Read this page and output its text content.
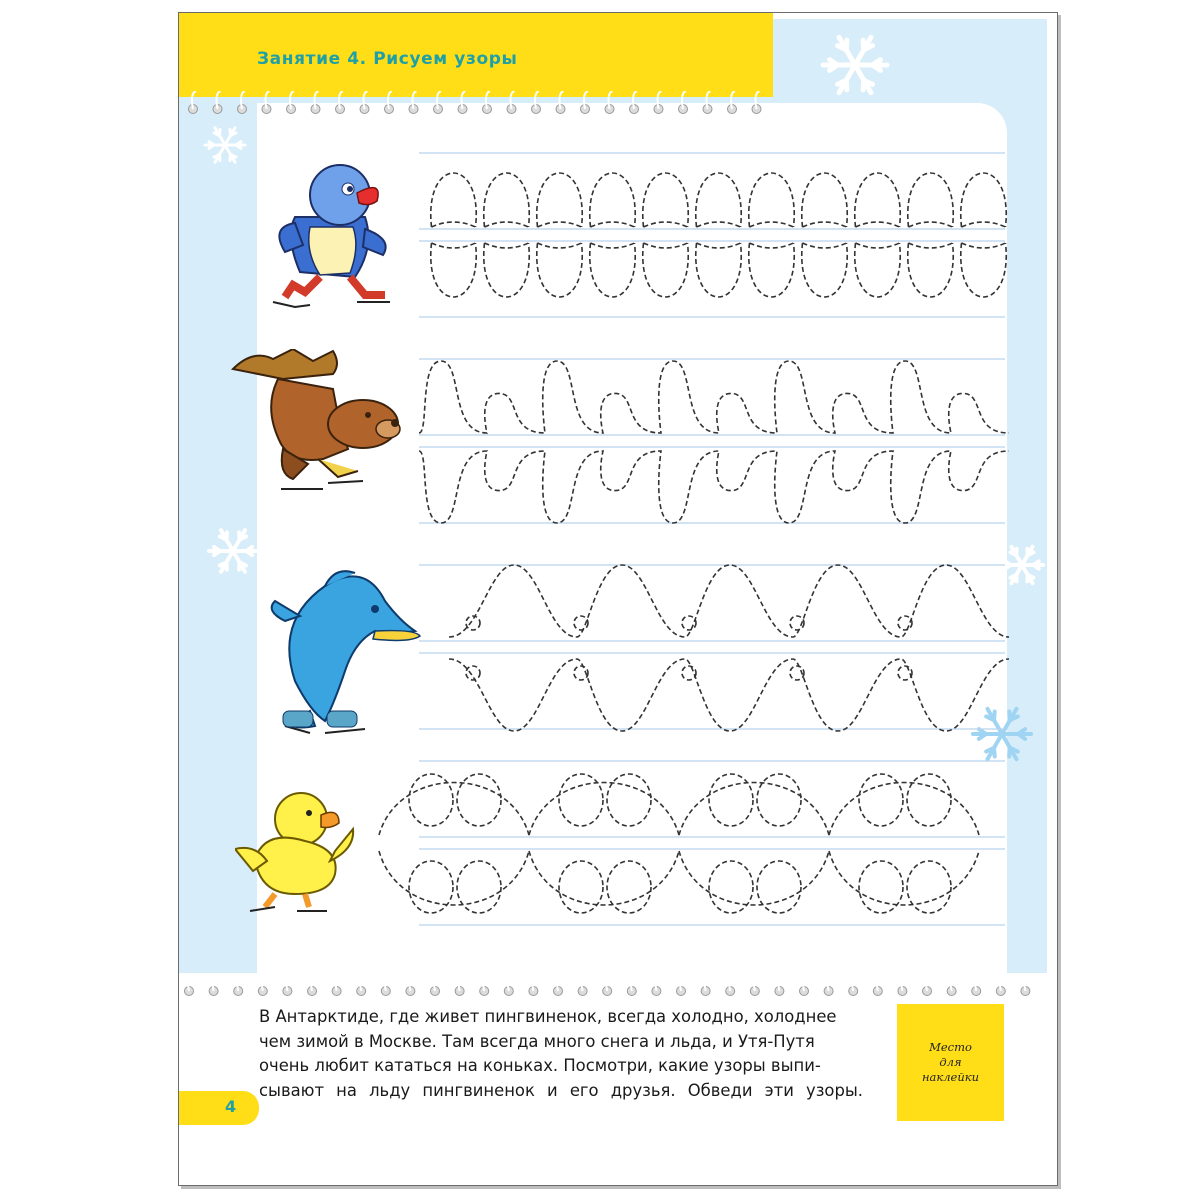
Занятие 4. Рисуем узоры

В Антарктиде, где живет пингвиненок, всегда холодно, холоднее

чем зимой в Москве. Там всегда много снега и льда, и Утя-Путя

очень любит кататься на коньках. Посмотри, какие узоры выпи-

сывают на льду пингвиненок и его друзья. Обведи эти узоры.

Место
для
наклейки
4
